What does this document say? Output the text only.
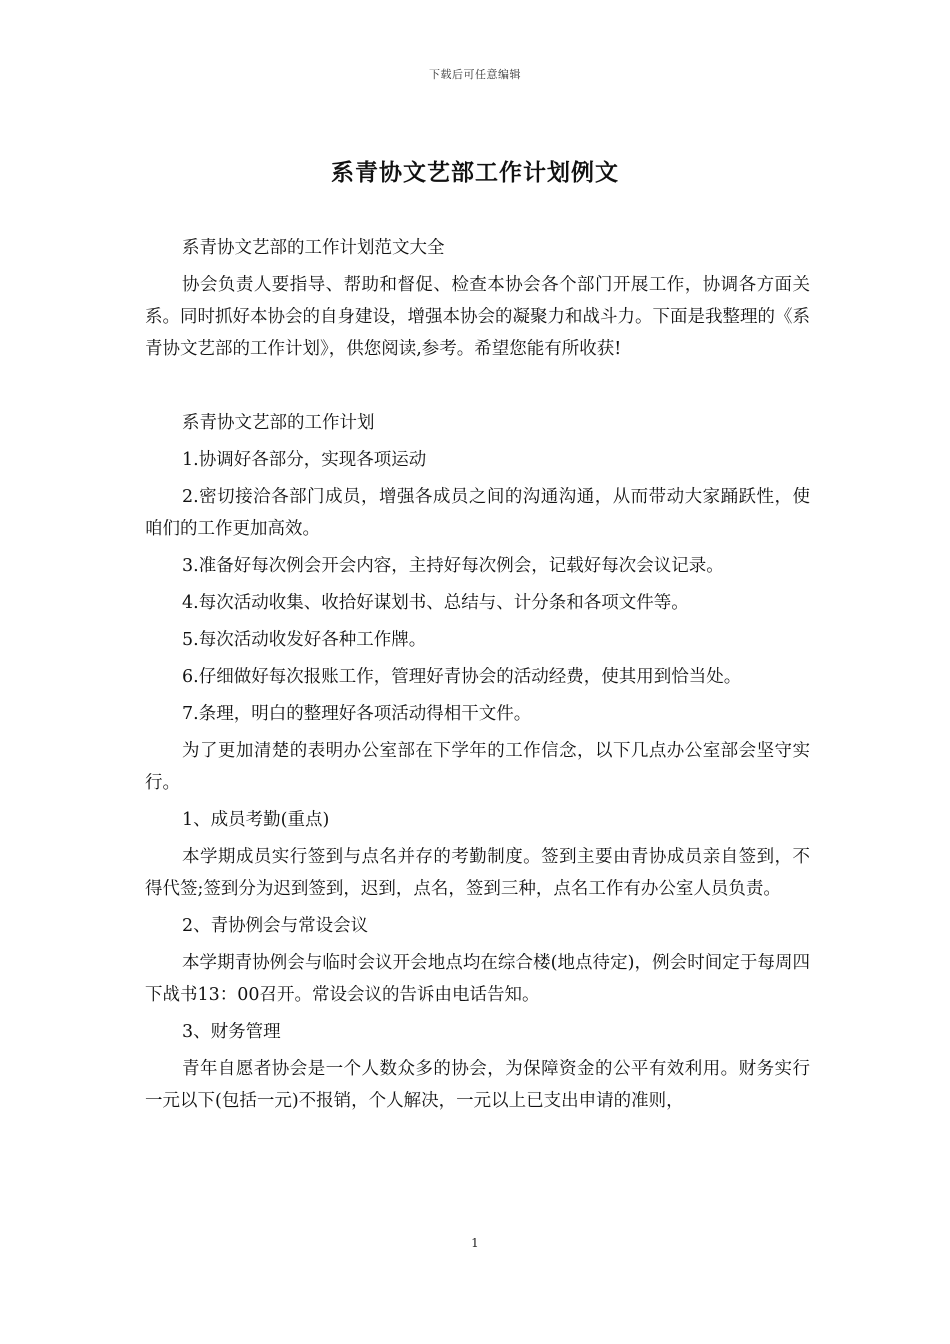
下载后可任意编辑
系青协文艺部工作计划例文

系青协文艺部的工作计划范文大全

协会负责人要指导、帮助和督促、检查本协会各个部门开展工作，协调各方面关系。同时抓好本协会的自身建设，增强本协会的凝聚力和战斗力。下面是我整理的《系青协文艺部的工作计划》，供您阅读,参考。希望您能有所收获!

系青协文艺部的工作计划

1.协调好各部分，实现各项运动

2.密切接洽各部门成员，增强各成员之间的沟通沟通，从而带动大家踊跃性，使咱们的工作更加高效。

3.准备好每次例会开会内容，主持好每次例会，记载好每次会议记录。

4.每次活动收集、收拾好谋划书、总结与、计分条和各项文件等。

5.每次活动收发好各种工作牌。

6.仔细做好每次报账工作，管理好青协会的活动经费，使其用到恰当处。

7.条理，明白的整理好各项活动得相干文件。

为了更加清楚的表明办公室部在下学年的工作信念，以下几点办公室部会坚守实行。

1、成员考勤(重点)

本学期成员实行签到与点名并存的考勤制度。签到主要由青协成员亲自签到，不得代签;签到分为迟到签到，迟到，点名，签到三种，点名工作有办公室人员负责。

2、青协例会与常设会议

本学期青协例会与临时会议开会地点均在综合楼(地点待定)，例会时间定于每周四下战书13：00召开。常设会议的告诉由电话告知。

3、财务管理

青年自愿者协会是一个人数众多的协会，为保障资金的公平有效利用。财务实行一元以下(包括一元)不报销，个人解决，一元以上已支出申请的准则，

1
